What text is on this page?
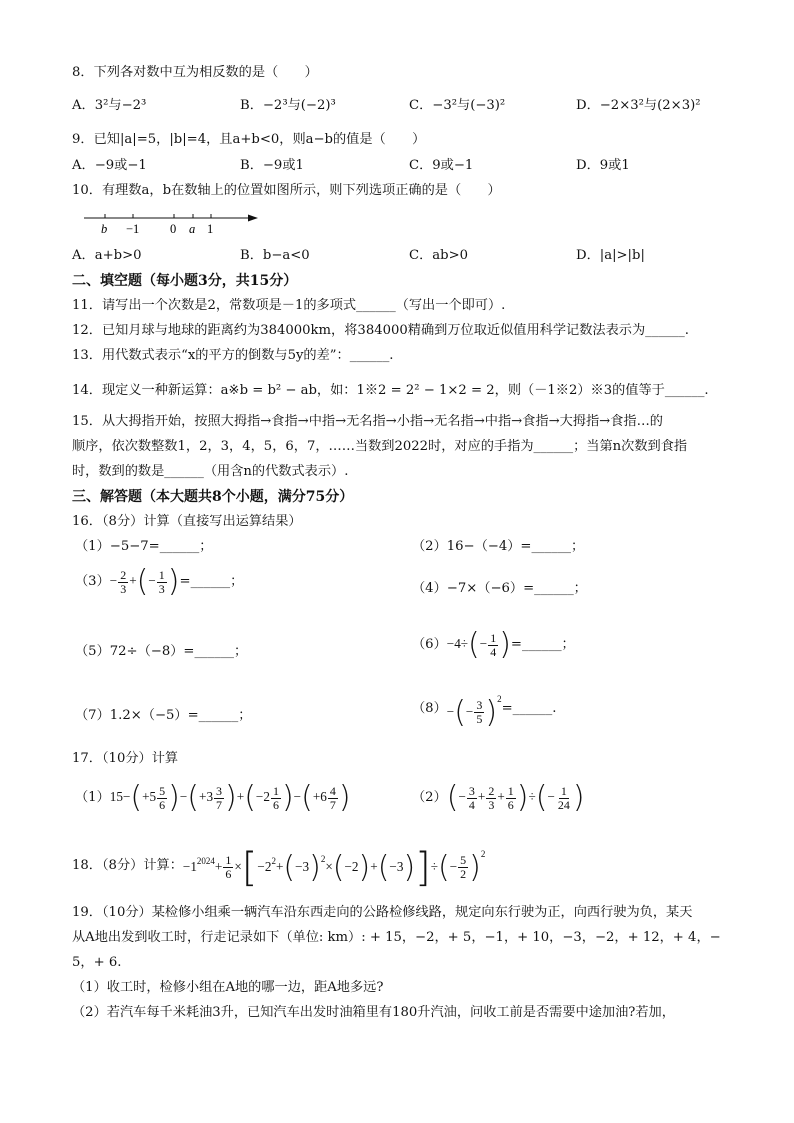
8．下列各对数中互为相反数的是（　　）
A．3²与−2³	B．−2³与(−2)³	C．−3²与(−3)²	D．−2×3²与(2×3)²
9．已知|a|=5，|b|=4，且a+b<0，则a−b的值是（　　）
A．−9或−1	B．−9或1	C．9或−1	D．9或1
10．有理数a，b在数轴上的位置如图所示，则下列选项正确的是（　　）
b −1 0 a 1
A．a+b>0	B．b−a<0	C．ab>0	D．|a|>|b|
二、填空题（每小题3分，共15分）
11．请写出一个次数是2，常数项是－1的多项式______（写出一个即可）.
12．已知月球与地球的距离约为384000km，将384000精确到万位取近似值用科学记数法表示为______.
13．用代数式表示“x的平方的倒数与5y的差”：______.
14．现定义一种新运算：a※b = b² − ab，如：1※2 = 2² − 1×2 = 2，则（－1※2）※3的值等于______.
15．从大拇指开始，按照大拇指→食指→中指→无名指→小指→无名指→中指→食指→大拇指→食指…的
顺序，依次数整数1，2，3，4，5，6，7，……当数到2022时，对应的手指为______；当第n次数到食指
时，数到的数是______（用含n的代数式表示）.
三、解答题（本大题共8个小题，满分75分）
16．（8分）计算（直接写出运算结果）
（1）−5−7=______；	（2）16−（−4）=______；
$(3) - \frac{2}{3}$ +(− $\frac{1}{3}$ ) =______；	（4）−7×（−6）=______；
（5）72÷（−8）=______；	$(6) -4\div(- \frac{1}{4}$ ) =______；
（7）1.2×（−5）=______；	（8） −(− $\frac{3}{5} )^2$
=______.
17．（10分）计算
（1） $15-(+5 \frac{5}{6} )-(+3 \frac{3}{7} )+(-2 \frac{1}{6} )-(+6 \frac{4}{7}$ )	（2） (− $\frac{3}{4} + \frac{2}{3} + \frac{1}{6}$ )÷(− $\frac{1}{24}$ )
18．（8分）计算： $-1^{2024}+ \frac{1}{6} \times[-2^2+(-3)^2\times(-2)+(-3)]\div(- \frac{5}{2} )^2$
19．（10分）某检修小组乘一辆汽车沿东西走向的公路检修线路，规定向东行驶为正，向西行驶为负，某天
从A地出发到收工时，行走记录如下（单位: km）: + 15，−2，+ 5，−1，+ 10，−3，−2，+ 12，+ 4，−
5，+ 6.
（1）收工时，检修小组在A地的哪一边，距A地多远?
（2）若汽车每千米耗油3升，已知汽车出发时油箱里有180升汽油，问收工前是否需要中途加油?若加，
